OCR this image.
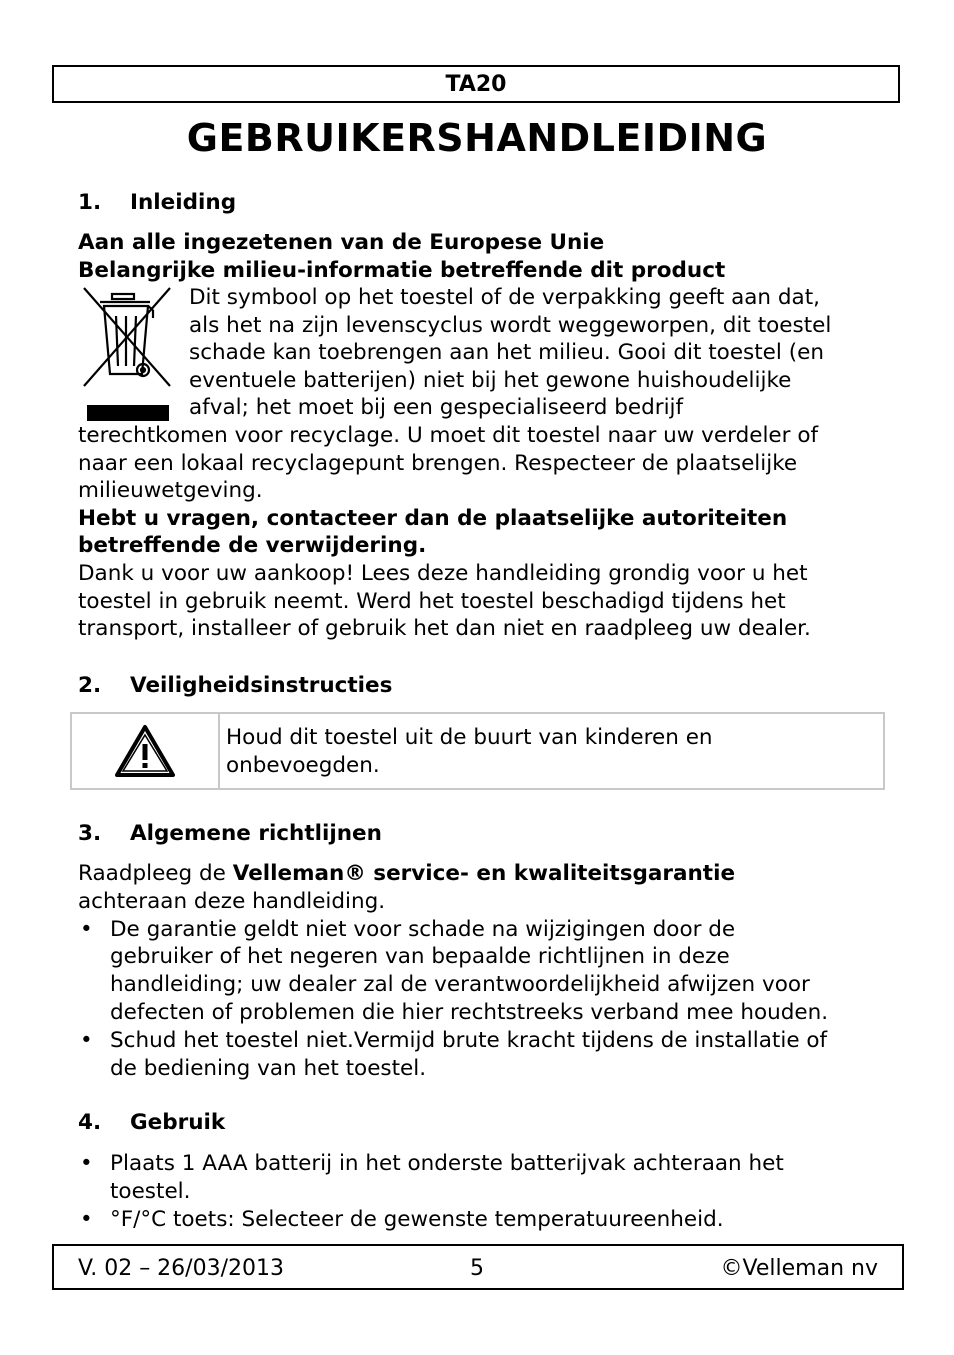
TA20
GEBRUIKERSHANDLEIDING
1. Inleiding
Aan alle ingezetenen van de Europese Unie
Belangrijke milieu-informatie betreffende dit product
Dit symbool op het toestel of de verpakking geeft aan dat,
als het na zijn levenscyclus wordt weggeworpen, dit toestel
schade kan toebrengen aan het milieu. Gooi dit toestel (en
eventuele batterijen) niet bij het gewone huishoudelijke
afval; het moet bij een gespecialiseerd bedrijf
terechtkomen voor recyclage. U moet dit toestel naar uw verdeler of
naar een lokaal recyclagepunt brengen. Respecteer de plaatselijke
milieuwetgeving.
Hebt u vragen, contacteer dan de plaatselijke autoriteiten
betreffende de verwijdering.
Dank u voor uw aankoop! Lees deze handleiding grondig voor u het
toestel in gebruik neemt. Werd het toestel beschadigd tijdens het
transport, installeer of gebruik het dan niet en raadpleeg uw dealer.
2. Veiligheidsinstructies
Houd dit toestel uit de buurt van kinderen en
onbevoegden.
3. Algemene richtlijnen
Raadpleeg de Velleman® service- en kwaliteitsgarantie
achteraan deze handleiding.
• De garantie geldt niet voor schade na wijzigingen door de
gebruiker of het negeren van bepaalde richtlijnen in deze
handleiding; uw dealer zal de verantwoordelijkheid afwijzen voor
defecten of problemen die hier rechtstreeks verband mee houden.
• Schud het toestel niet.Vermijd brute kracht tijdens de installatie of
de bediening van het toestel.
4. Gebruik
• Plaats 1 AAA batterij in het onderste batterijvak achteraan het
toestel.
• °F/°C toets: Selecteer de gewenste temperatuureenheid.
V. 02 – 26/03/2013	5	©Velleman nv
